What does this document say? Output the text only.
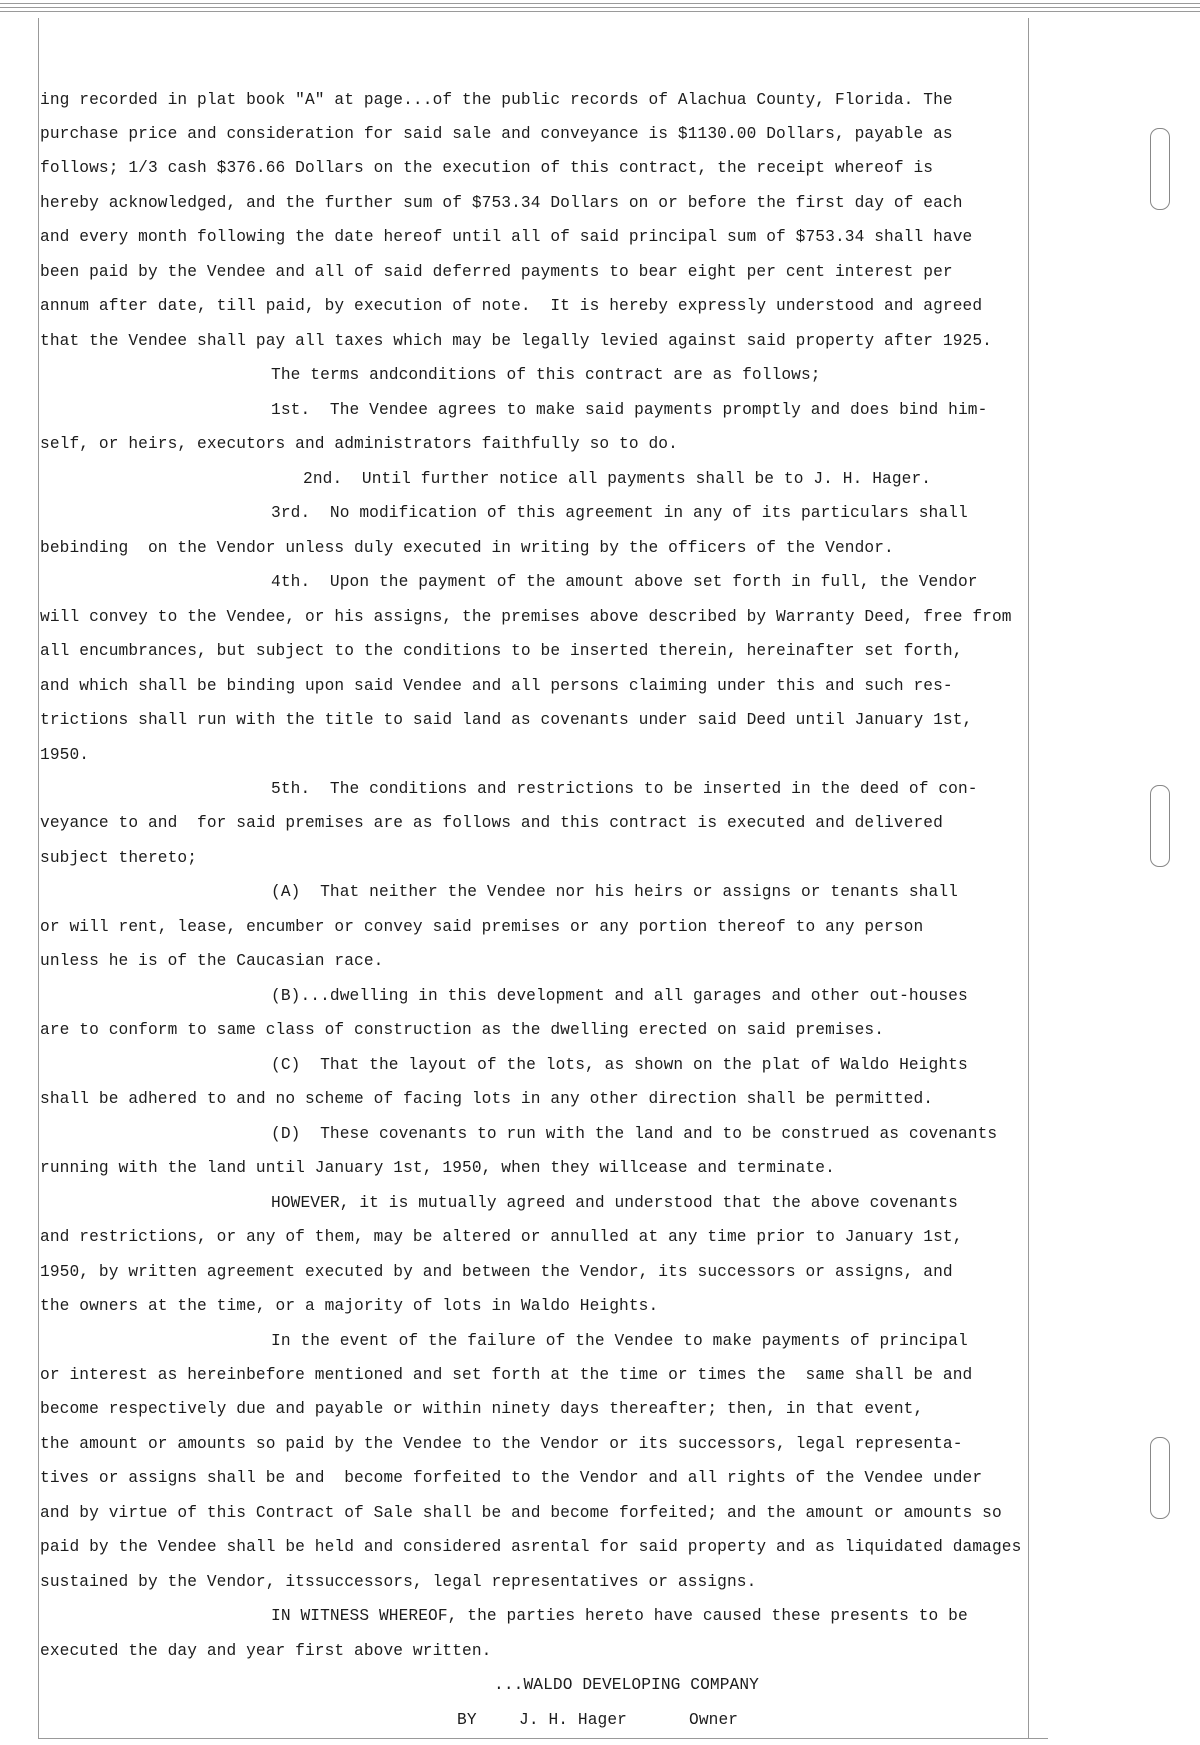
ing recorded in plat book "A" at page...of the public records of Alachua County, Florida. The
purchase price and consideration for said sale and conveyance is $1130.00 Dollars, payable as
follows; 1/3 cash $376.66 Dollars on the execution of this contract, the receipt whereof is
hereby acknowledged, and the further sum of $753.34 Dollars on or before the first day of each
and every month following the date hereof until all of said principal sum of $753.34 shall have
been paid by the Vendee and all of said deferred payments to bear eight per cent interest per
annum after date, till paid, by execution of note.  It is hereby expressly understood and agreed
that the Vendee shall pay all taxes which may be legally levied against said property after 1925.
The terms andconditions of this contract are as follows;
1st.  The Vendee agrees to make said payments promptly and does bind him-
self, or heirs, executors and administrators faithfully so to do.
2nd.  Until further notice all payments shall be to J. H. Hager.
3rd.  No modification of this agreement in any of its particulars shall
bebinding  on the Vendor unless duly executed in writing by the officers of the Vendor.
4th.  Upon the payment of the amount above set forth in full, the Vendor
will convey to the Vendee, or his assigns, the premises above described by Warranty Deed, free from
all encumbrances, but subject to the conditions to be inserted therein, hereinafter set forth,
and which shall be binding upon said Vendee and all persons claiming under this and such res-
trictions shall run with the title to said land as covenants under said Deed until January 1st,
1950.
5th.  The conditions and restrictions to be inserted in the deed of con-
veyance to and  for said premises are as follows and this contract is executed and delivered
subject thereto;
(A)  That neither the Vendee nor his heirs or assigns or tenants shall
or will rent, lease, encumber or convey said premises or any portion thereof to any person
unless he is of the Caucasian race.
(B)...dwelling in this development and all garages and other out-houses
are to conform to same class of construction as the dwelling erected on said premises.
(C)  That the layout of the lots, as shown on the plat of Waldo Heights
shall be adhered to and no scheme of facing lots in any other direction shall be permitted.
(D)  These covenants to run with the land and to be construed as covenants
running with the land until January 1st, 1950, when they willcease and terminate.
HOWEVER, it is mutually agreed and understood that the above covenants
and restrictions, or any of them, may be altered or annulled at any time prior to January 1st,
1950, by written agreement executed by and between the Vendor, its successors or assigns, and
the owners at the time, or a majority of lots in Waldo Heights.
In the event of the failure of the Vendee to make payments of principal
or interest as hereinbefore mentioned and set forth at the time or times the  same shall be and
become respectively due and payable or within ninety days thereafter; then, in that event,
the amount or amounts so paid by the Vendee to the Vendor or its successors, legal representa-
tives or assigns shall be and  become forfeited to the Vendor and all rights of the Vendee under
and by virtue of this Contract of Sale shall be and become forfeited; and the amount or amounts so
paid by the Vendee shall be held and considered asrental for said property and as liquidated damages
sustained by the Vendor, itssuccessors, legal representatives or assigns.
IN WITNESS WHEREOF, the parties hereto have caused these presents to be
executed the day and year first above written.
...WALDO DEVELOPING COMPANY
BY	J. H. Hager	Owner
